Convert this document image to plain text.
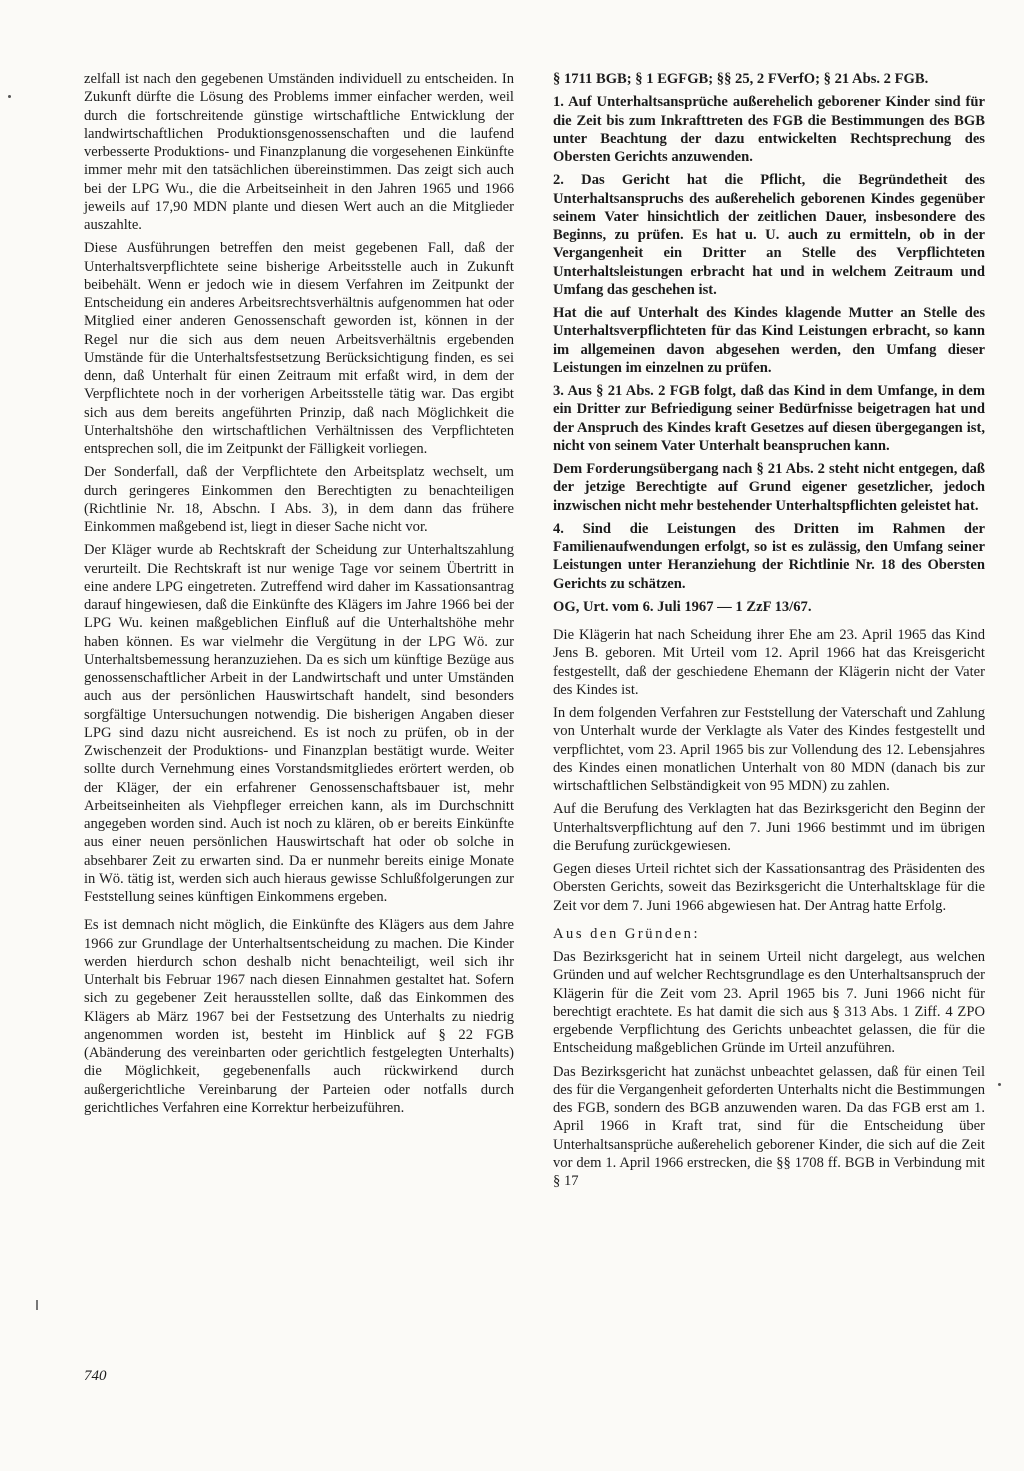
zelfall ist nach den gegebenen Umständen individuell zu entscheiden. In Zukunft dürfte die Lösung des Problems immer einfacher werden, weil durch die fortschreitende günstige wirtschaftliche Entwicklung der landwirtschaftlichen Produktionsgenossenschaften und die laufend verbesserte Produktions- und Finanzplanung die vorgesehenen Einkünfte immer mehr mit den tatsächlichen übereinstimmen. Das zeigt sich auch bei der LPG Wu., die die Arbeitseinheit in den Jahren 1965 und 1966 jeweils auf 17,90 MDN plante und diesen Wert auch an die Mitglieder auszahlte.

Diese Ausführungen betreffen den meist gegebenen Fall, daß der Unterhaltsverpflichtete seine bisherige Arbeitsstelle auch in Zukunft beibehält. Wenn er jedoch wie in diesem Verfahren im Zeitpunkt der Entscheidung ein anderes Arbeitsrechtsverhältnis aufgenommen hat oder Mitglied einer anderen Genossenschaft geworden ist, können in der Regel nur die sich aus dem neuen Arbeitsverhältnis ergebenden Umstände für die Unterhaltsfestsetzung Berücksichtigung finden, es sei denn, daß Unterhalt für einen Zeitraum mit erfaßt wird, in dem der Verpflichtete noch in der vorherigen Arbeitsstelle tätig war. Das ergibt sich aus dem bereits angeführten Prinzip, daß nach Möglichkeit die Unterhaltshöhe den wirtschaftlichen Verhältnissen des Verpflichteten entsprechen soll, die im Zeitpunkt der Fälligkeit vorliegen.

Der Sonderfall, daß der Verpflichtete den Arbeitsplatz wechselt, um durch geringeres Einkommen den Berechtigten zu benachteiligen (Richtlinie Nr. 18, Abschn. I Abs. 3), in dem dann das frühere Einkommen maßgebend ist, liegt in dieser Sache nicht vor.

Der Kläger wurde ab Rechtskraft der Scheidung zur Unterhaltszahlung verurteilt. Die Rechtskraft ist nur wenige Tage vor seinem Übertritt in eine andere LPG eingetreten. Zutreffend wird daher im Kassationsantrag darauf hingewiesen, daß die Einkünfte des Klägers im Jahre 1966 bei der LPG Wu. keinen maßgeblichen Einfluß auf die Unterhaltshöhe mehr haben können. Es war vielmehr die Vergütung in der LPG Wö. zur Unterhaltsbemessung heranzuziehen. Da es sich um künftige Bezüge aus genossenschaftlicher Arbeit in der Landwirtschaft und unter Umständen auch aus der persönlichen Hauswirtschaft handelt, sind besonders sorgfältige Untersuchungen notwendig. Die bisherigen Angaben dieser LPG sind dazu nicht ausreichend. Es ist noch zu prüfen, ob in der Zwischenzeit der Produktions- und Finanzplan bestätigt wurde. Weiter sollte durch Vernehmung eines Vorstandsmitgliedes erörtert werden, ob der Kläger, der ein erfahrener Genossenschaftsbauer ist, mehr Arbeitseinheiten als Viehpfleger erreichen kann, als im Durchschnitt angegeben worden sind. Auch ist noch zu klären, ob er bereits Einkünfte aus einer neuen persönlichen Hauswirtschaft hat oder ob solche in absehbarer Zeit zu erwarten sind. Da er nunmehr bereits einige Monate in Wö. tätig ist, werden sich auch hieraus gewisse Schlußfolgerungen zur Feststellung seines künftigen Einkommens ergeben.

Es ist demnach nicht möglich, die Einkünfte des Klägers aus dem Jahre 1966 zur Grundlage der Unterhaltsentscheidung zu machen. Die Kinder werden hierdurch schon deshalb nicht benachteiligt, weil sich ihr Unterhalt bis Februar 1967 nach diesen Einnahmen gestaltet hat. Sofern sich zu gegebener Zeit herausstellen sollte, daß das Einkommen des Klägers ab März 1967 bei der Festsetzung des Unterhalts zu niedrig angenommen worden ist, besteht im Hinblick auf § 22 FGB (Abänderung des vereinbarten oder gerichtlich festgelegten Unterhalts) die Möglichkeit, gegebenenfalls auch rückwirkend durch außergerichtliche Vereinbarung der Parteien oder notfalls durch gerichtliches Verfahren eine Korrektur herbeizuführen.

§ 1711 BGB; § 1 EGFGB; §§ 25, 2 FVerfO; § 21 Abs. 2 FGB.

1. Auf Unterhaltsansprüche außerehelich geborener Kinder sind für die Zeit bis zum Inkrafttreten des FGB die Bestimmungen des BGB unter Beachtung der dazu entwickelten Rechtsprechung des Obersten Gerichts anzuwenden.

2. Das Gericht hat die Pflicht, die Begründetheit des Unterhaltsanspruchs des außerehelich geborenen Kindes gegenüber seinem Vater hinsichtlich der zeitlichen Dauer, insbesondere des Beginns, zu prüfen. Es hat u. U. auch zu ermitteln, ob in der Vergangenheit ein Dritter an Stelle des Verpflichteten Unterhaltsleistungen erbracht hat und in welchem Zeitraum und Umfang das geschehen ist.

Hat die auf Unterhalt des Kindes klagende Mutter an Stelle des Unterhaltsverpflichteten für das Kind Leistungen erbracht, so kann im allgemeinen davon abgesehen werden, den Umfang dieser Leistungen im einzelnen zu prüfen.

3. Aus § 21 Abs. 2 FGB folgt, daß das Kind in dem Umfange, in dem ein Dritter zur Befriedigung seiner Bedürfnisse beigetragen hat und der Anspruch des Kindes kraft Gesetzes auf diesen übergegangen ist, nicht von seinem Vater Unterhalt beanspruchen kann.

Dem Forderungsübergang nach § 21 Abs. 2 steht nicht entgegen, daß der jetzige Berechtigte auf Grund eigener gesetzlicher, jedoch inzwischen nicht mehr bestehender Unterhaltspflichten geleistet hat.

4. Sind die Leistungen des Dritten im Rahmen der Familienaufwendungen erfolgt, so ist es zulässig, den Umfang seiner Leistungen unter Heranziehung der Richtlinie Nr. 18 des Obersten Gerichts zu schätzen.

OG, Urt. vom 6. Juli 1967 — 1 ZzF 13/67.

Die Klägerin hat nach Scheidung ihrer Ehe am 23. April 1965 das Kind Jens B. geboren. Mit Urteil vom 12. April 1966 hat das Kreisgericht festgestellt, daß der geschiedene Ehemann der Klägerin nicht der Vater des Kindes ist.

In dem folgenden Verfahren zur Feststellung der Vaterschaft und Zahlung von Unterhalt wurde der Verklagte als Vater des Kindes festgestellt und verpflichtet, vom 23. April 1965 bis zur Vollendung des 12. Lebensjahres des Kindes einen monatlichen Unterhalt von 80 MDN (danach bis zur wirtschaftlichen Selbständigkeit von 95 MDN) zu zahlen.

Auf die Berufung des Verklagten hat das Bezirksgericht den Beginn der Unterhaltsverpflichtung auf den 7. Juni 1966 bestimmt und im übrigen die Berufung zurückgewiesen.

Gegen dieses Urteil richtet sich der Kassationsantrag des Präsidenten des Obersten Gerichts, soweit das Bezirksgericht die Unterhaltsklage für die Zeit vor dem 7. Juni 1966 abgewiesen hat. Der Antrag hatte Erfolg.

Aus den Gründen:

Das Bezirksgericht hat in seinem Urteil nicht dargelegt, aus welchen Gründen und auf welcher Rechtsgrundlage es den Unterhaltsanspruch der Klägerin für die Zeit vom 23. April 1965 bis 7. Juni 1966 nicht für berechtigt erachtete. Es hat damit die sich aus § 313 Abs. 1 Ziff. 4 ZPO ergebende Verpflichtung des Gerichts unbeachtet gelassen, die für die Entscheidung maßgeblichen Gründe im Urteil anzuführen.

Das Bezirksgericht hat zunächst unbeachtet gelassen, daß für einen Teil des für die Vergangenheit geforderten Unterhalts nicht die Bestimmungen des FGB, sondern des BGB anzuwenden waren. Da das FGB erst am 1. April 1966 in Kraft trat, sind für die Entscheidung über Unterhaltsansprüche außerehelich geborener Kinder, die sich auf die Zeit vor dem 1. April 1966 erstrecken, die §§ 1708 ff. BGB in Verbindung mit § 17

740
